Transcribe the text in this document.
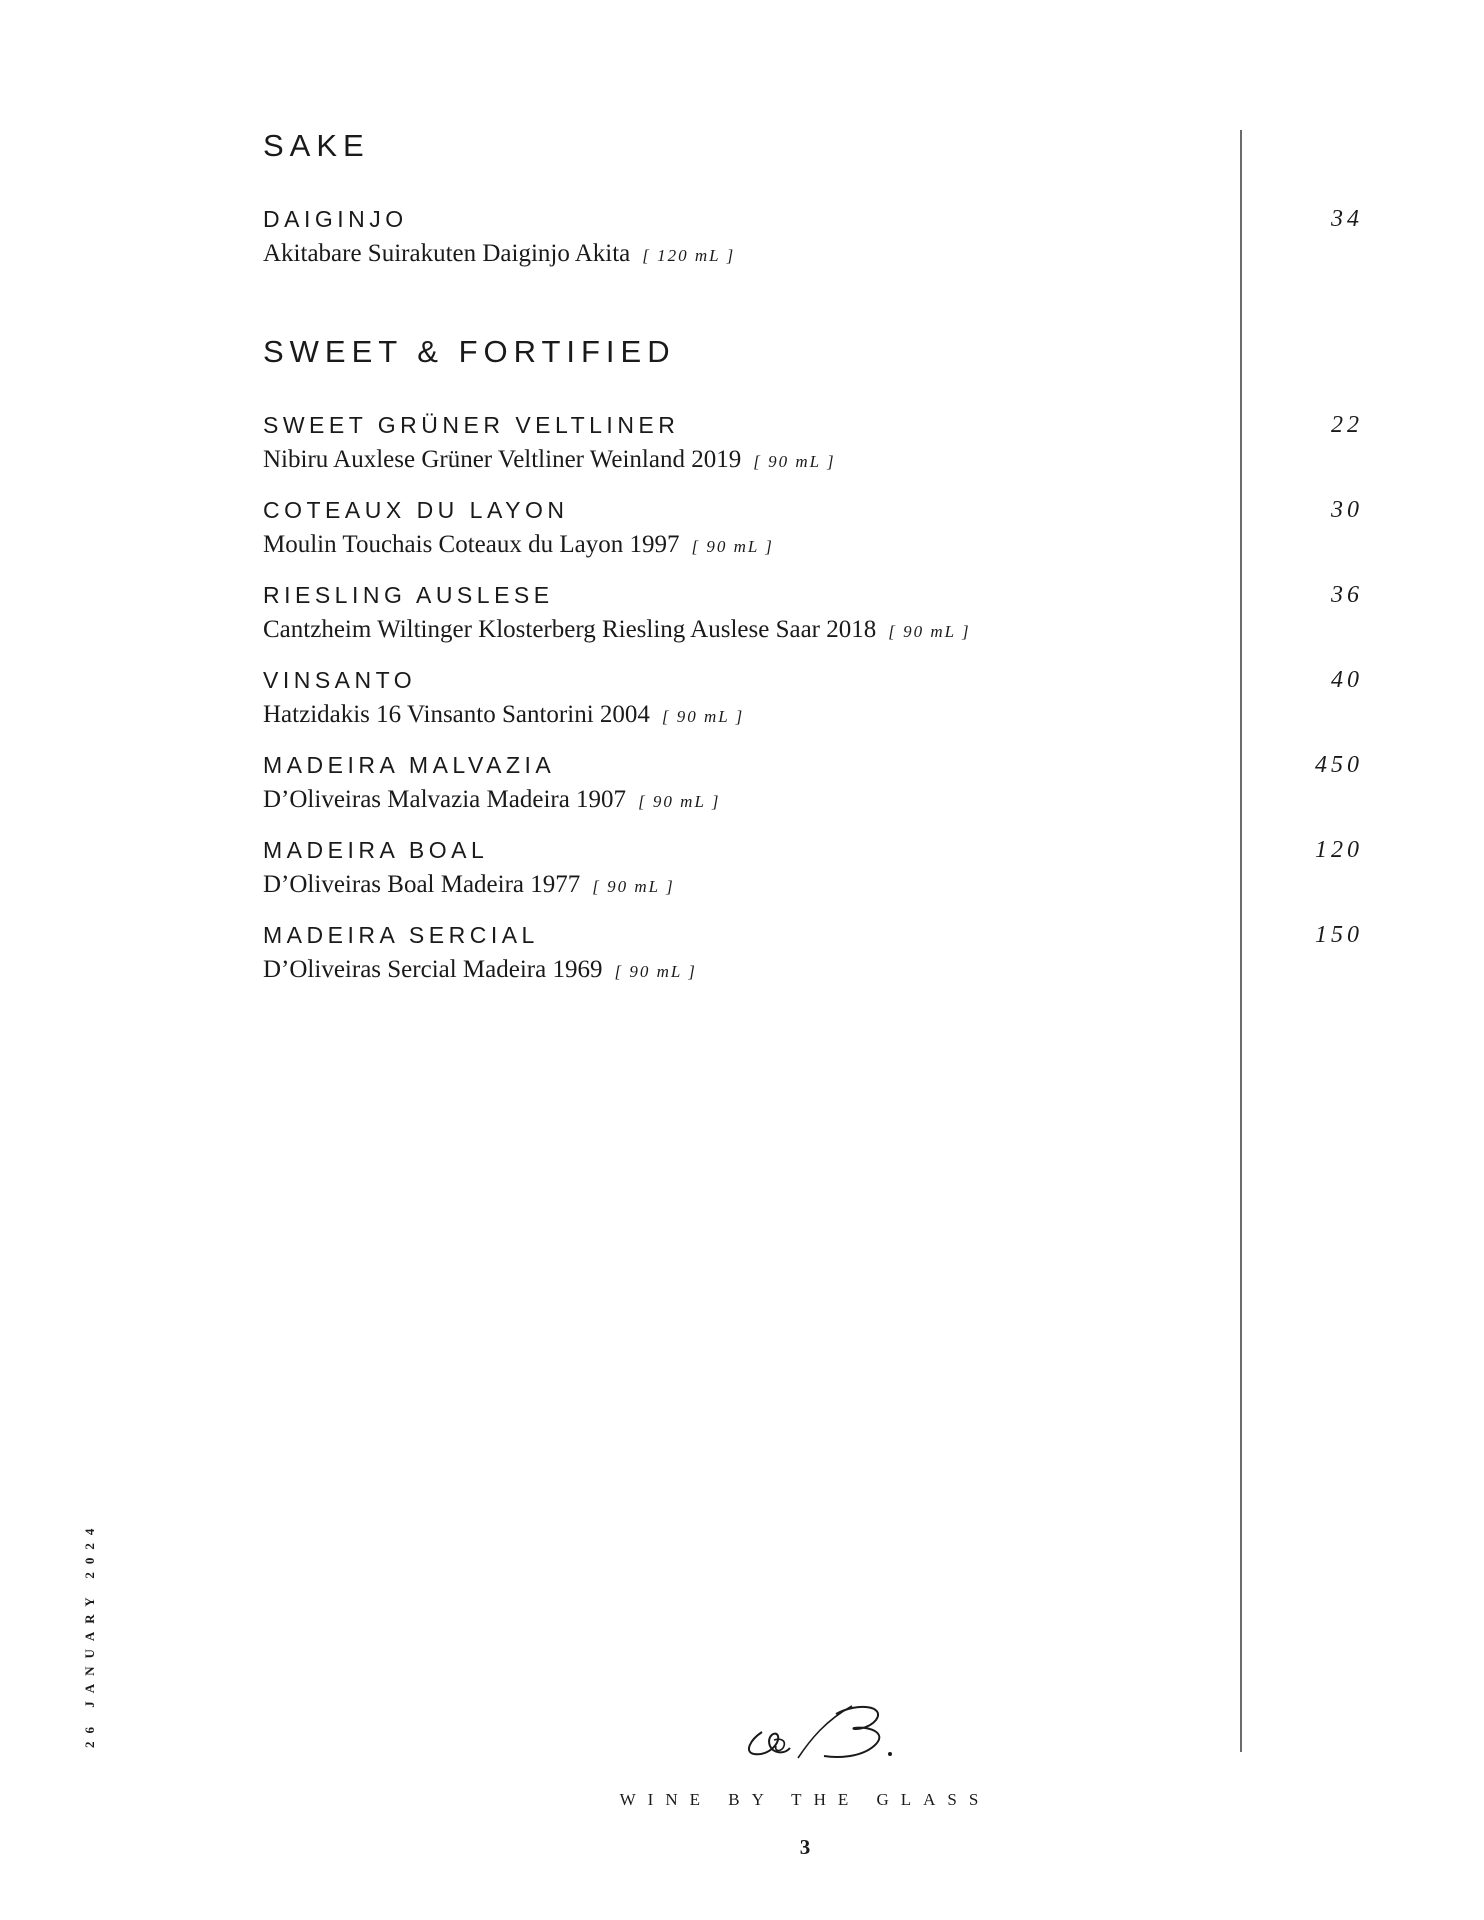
SAKE
DAIGINJO
Akitabare Suirakuten Daiginjo Akita [ 120 mL ]
34
SWEET & FORTIFIED
SWEET GRÜNER VELTLINER
Nibiru Auxlese Grüner Veltliner Weinland 2019 [ 90 mL ]
22
COTEAUX DU LAYON
Moulin Touchais Coteaux du Layon 1997 [ 90 mL ]
30
RIESLING AUSLESE
Cantzheim Wiltinger Klosterberg Riesling Auslese Saar 2018 [ 90 mL ]
36
VINSANTO
Hatzidakis 16 Vinsanto Santorini 2004 [ 90 mL ]
40
MADEIRA MALVAZIA
D’Oliveiras Malvazia Madeira 1907 [ 90 mL ]
450
MADEIRA BOAL
D’Oliveiras Boal Madeira 1977 [ 90 mL ]
120
MADEIRA SERCIAL
D’Oliveiras Sercial Madeira 1969 [ 90 mL ]
150
26 JANUARY 2024
WINE BY THE GLASS
3
